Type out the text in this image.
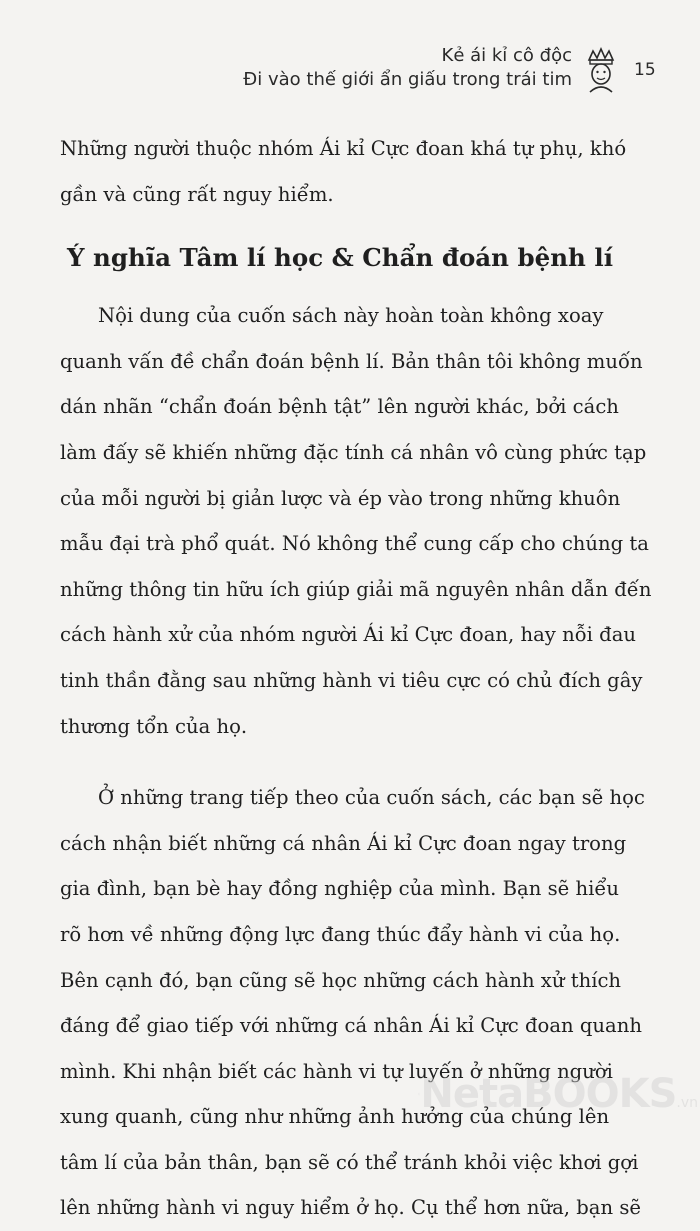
Kẻ ái kỉ cô độc
Đi vào thế giới ẩn giấu trong trái tim	15

Những người thuộc nhóm Ái kỉ Cực đoan khá tự phụ, khó
gần và cũng rất nguy hiểm.

Ý nghĩa Tâm lí học & Chẩn đoán bệnh lí

Nội dung của cuốn sách này hoàn toàn không xoay
quanh vấn đề chẩn đoán bệnh lí. Bản thân tôi không muốn
dán nhãn “chẩn đoán bệnh tật” lên người khác, bởi cách
làm đấy sẽ khiến những đặc tính cá nhân vô cùng phức tạp
của mỗi người bị giản lược và ép vào trong những khuôn
mẫu đại trà phổ quát. Nó không thể cung cấp cho chúng ta
những thông tin hữu ích giúp giải mã nguyên nhân dẫn đến
cách hành xử của nhóm người Ái kỉ Cực đoan, hay nỗi đau
tinh thần đằng sau những hành vi tiêu cực có chủ đích gây
thương tổn của họ.

Ở những trang tiếp theo của cuốn sách, các bạn sẽ học
cách nhận biết những cá nhân Ái kỉ Cực đoan ngay trong
gia đình, bạn bè hay đồng nghiệp của mình. Bạn sẽ hiểu
rõ hơn về những động lực đang thúc đẩy hành vi của họ.
Bên cạnh đó, bạn cũng sẽ học những cách hành xử thích
đáng để giao tiếp với những cá nhân Ái kỉ Cực đoan quanh
mình. Khi nhận biết các hành vi tự luyến ở những người
xung quanh, cũng như những ảnh hưởng của chúng lên
tâm lí của bản thân, bạn sẽ có thể tránh khỏi việc khơi gợi
lên những hành vi nguy hiểm ở họ. Cụ thể hơn nữa, bạn sẽ

NetaBOOKS .vn
